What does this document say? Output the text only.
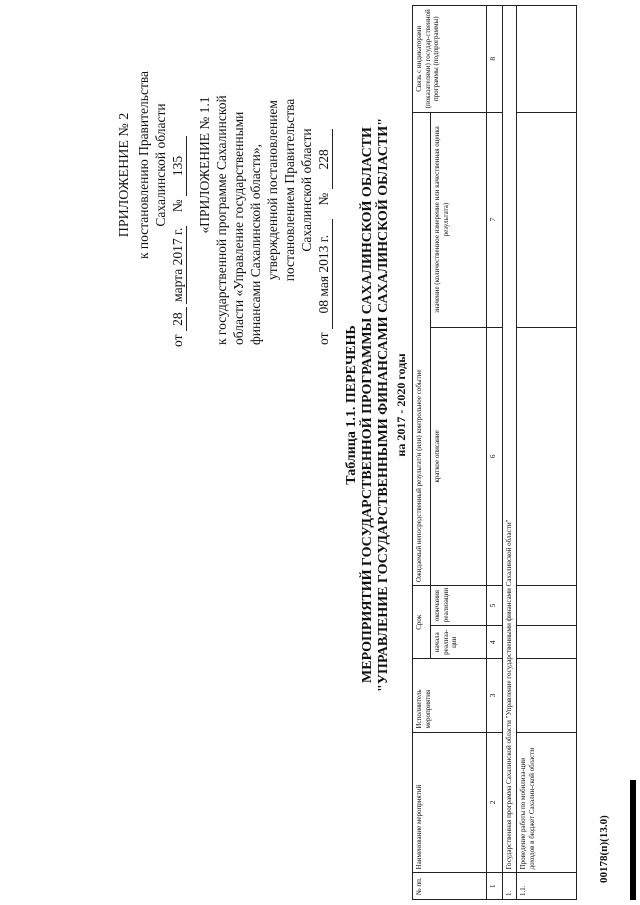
ПРИЛОЖЕНИЕ № 2 к постановлению Правительства Сахалинской области
от 28 марта 2017 г.    № 135 «ПРИЛОЖЕНИЕ № 1.1 к государственной программе Сахалинской области «Управление государственными финансами Сахалинской области», утвержденной постановлением постановлением Правительства Сахалинской области
от 08 мая 2013 г.    № 228
Таблица 1.1. ПЕРЕЧЕНЬ МЕРОПРИЯТИЙ ГОСУДАРСТВЕННОЙ ПРОГРАММЫ САХАЛИНСКОЙ ОБЛАСТИ "УПРАВЛЕНИЕ ГОСУДАРСТВЕННЫМИ ФИНАНСАМИ САХАЛИНСКОЙ ОБЛАСТИ" на 2017 - 2020 годы
№ пп.	Наименование мероприятий	Исполнитель мероприятия	Срок		Ожидаемый непосредственный результат/и (или) контрольное событие		Связь с индикаторами (показателями) государ-ственной программы (подпрограммы)
			начала реализа-ции	окончания реализации	краткое описание	значение (количественное измерение или качественная оценка результата)	
1	2	3	4	5	6	7	8
1.	Государственная программа Сахалинской области "Управление государственными финансами Сахалинской области"						
1.1.	Проведение работы по мобилиза-ции доходов в бюджет Сахалин-ской области							00178(п)(13.0)
